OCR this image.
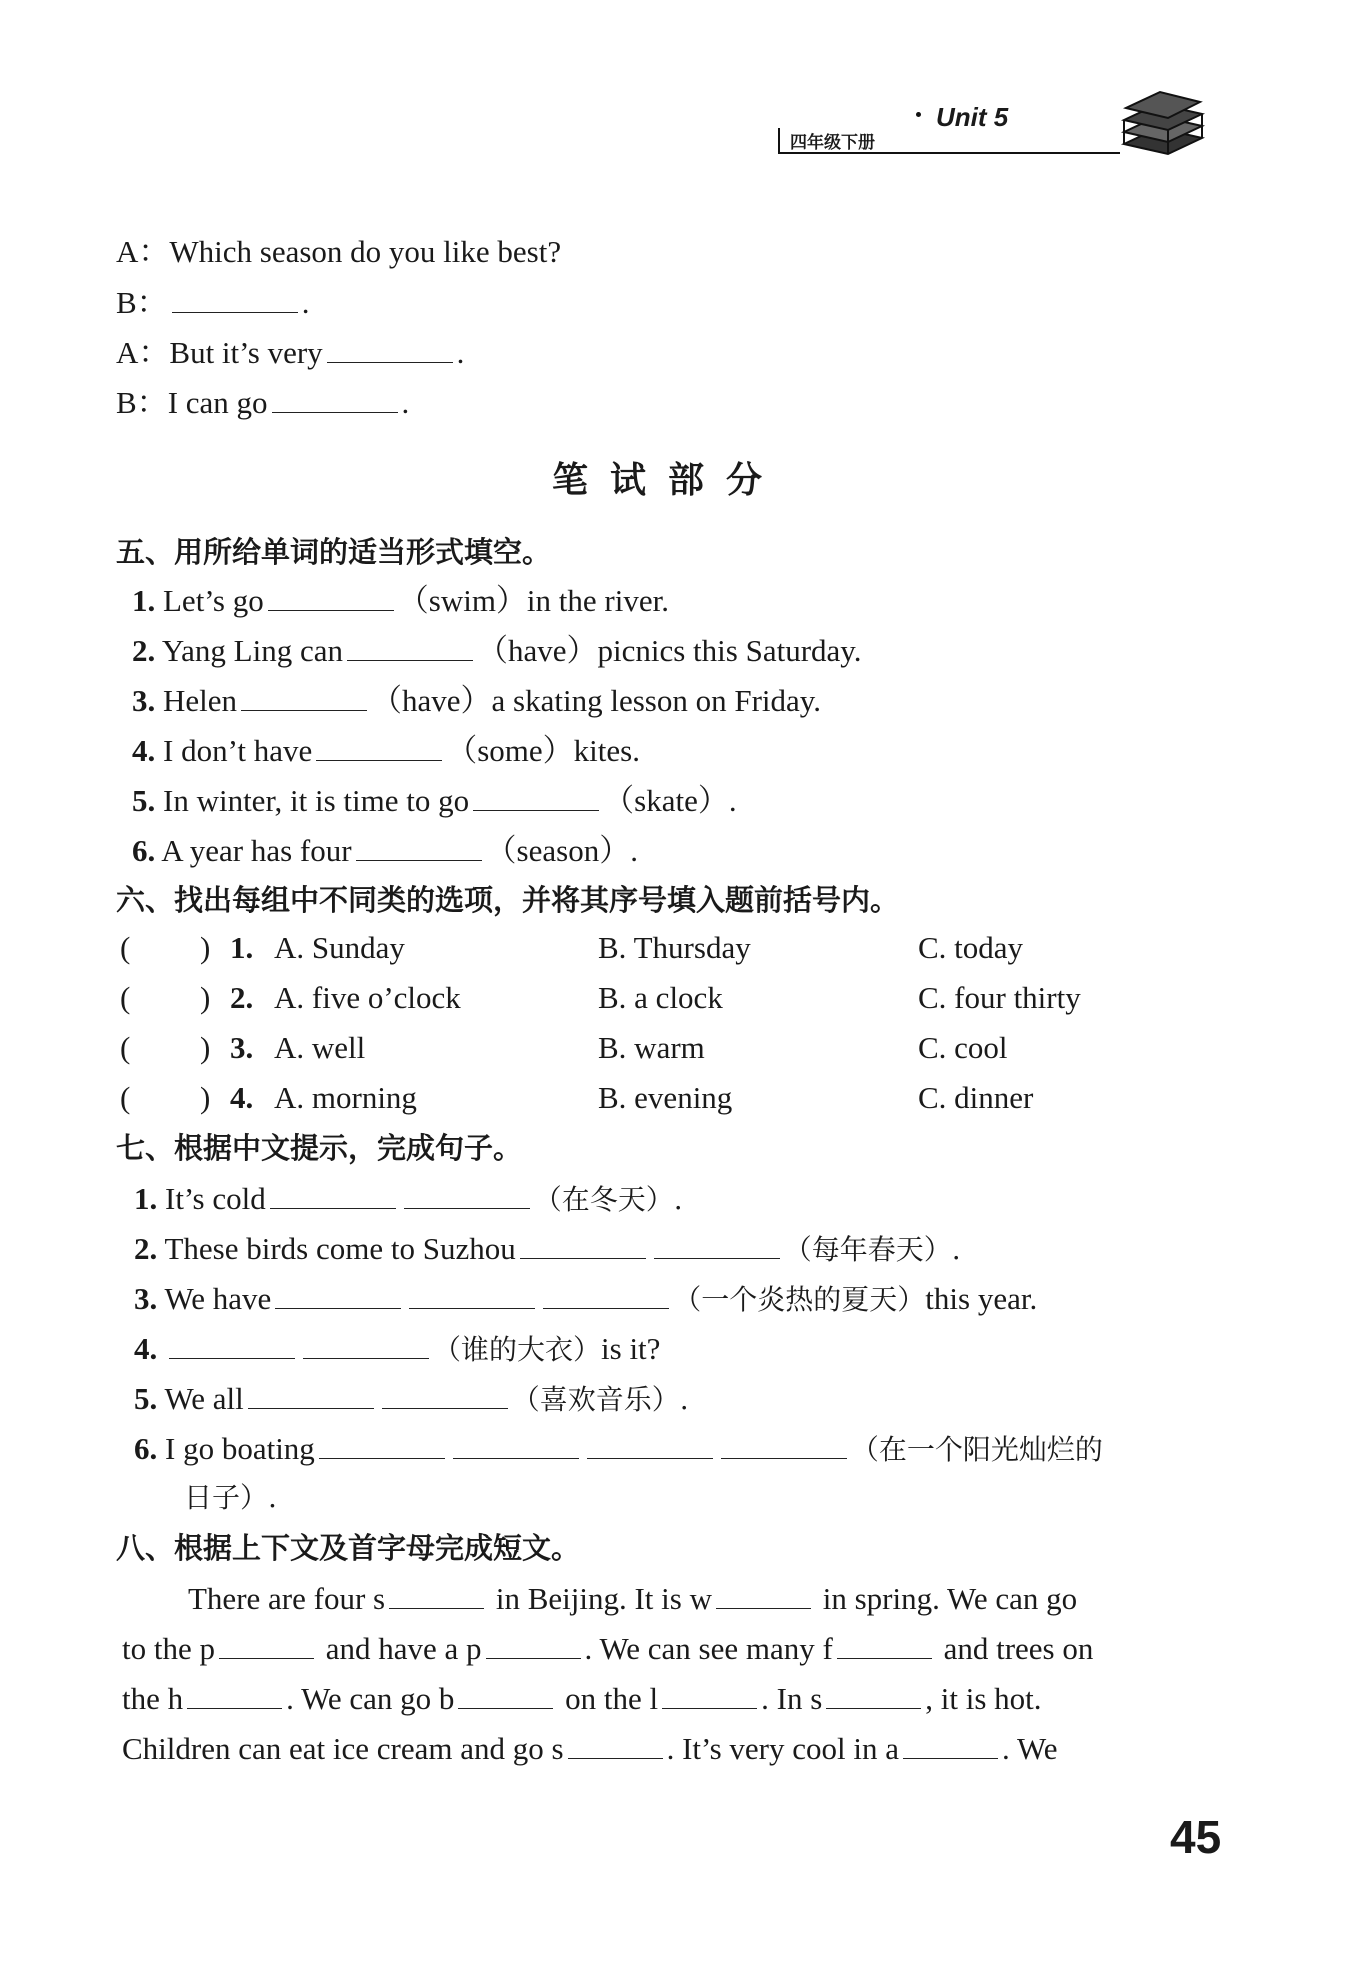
Unit 5
四年级下册
A：Which season do you like best?
B：	.
A：But it’s very	.
B：I can go	.
笔试部分
五、用所给单词的适当形式填空。
1. Let’s go	（swim）in the river.
2. Yang Ling can	（have）picnics this Saturday.
3. Helen	（have）a skating lesson on Friday.
4. I don’t have	（some）kites.
5. In winter, it is time to go	（skate）.
6. A year has four	（season）.
六、找出每组中不同类的选项，并将其序号填入题前括号内。
( ) 1. A. Sunday	B. Thursday	C. today
( ) 2. A. five o’clock	B. a clock	C. four thirty
( ) 3. A. well	B. warm	C. cool
( ) 4. A. morning	B. evening	C. dinner
七、根据中文提示，完成句子。
1. It’s cold	（在冬天）.
2. These birds come to Suzhou	（每年春天）.
3. We have	（一个炎热的夏天）this year.
4.	（谁的大衣）is it?
5. We all	（喜欢音乐）.
6. I go boating	（在一个阳光灿烂的
日子）.
八、根据上下文及首字母完成短文。
There are four s	in Beijing. It is w	in spring. We can go
to the p	and have a p	. We can see many f	and trees on
the h	. We can go b	on the l	. In s	, it is hot.
Children can eat ice cream and go s	. It’s very cool in a	. We
45
